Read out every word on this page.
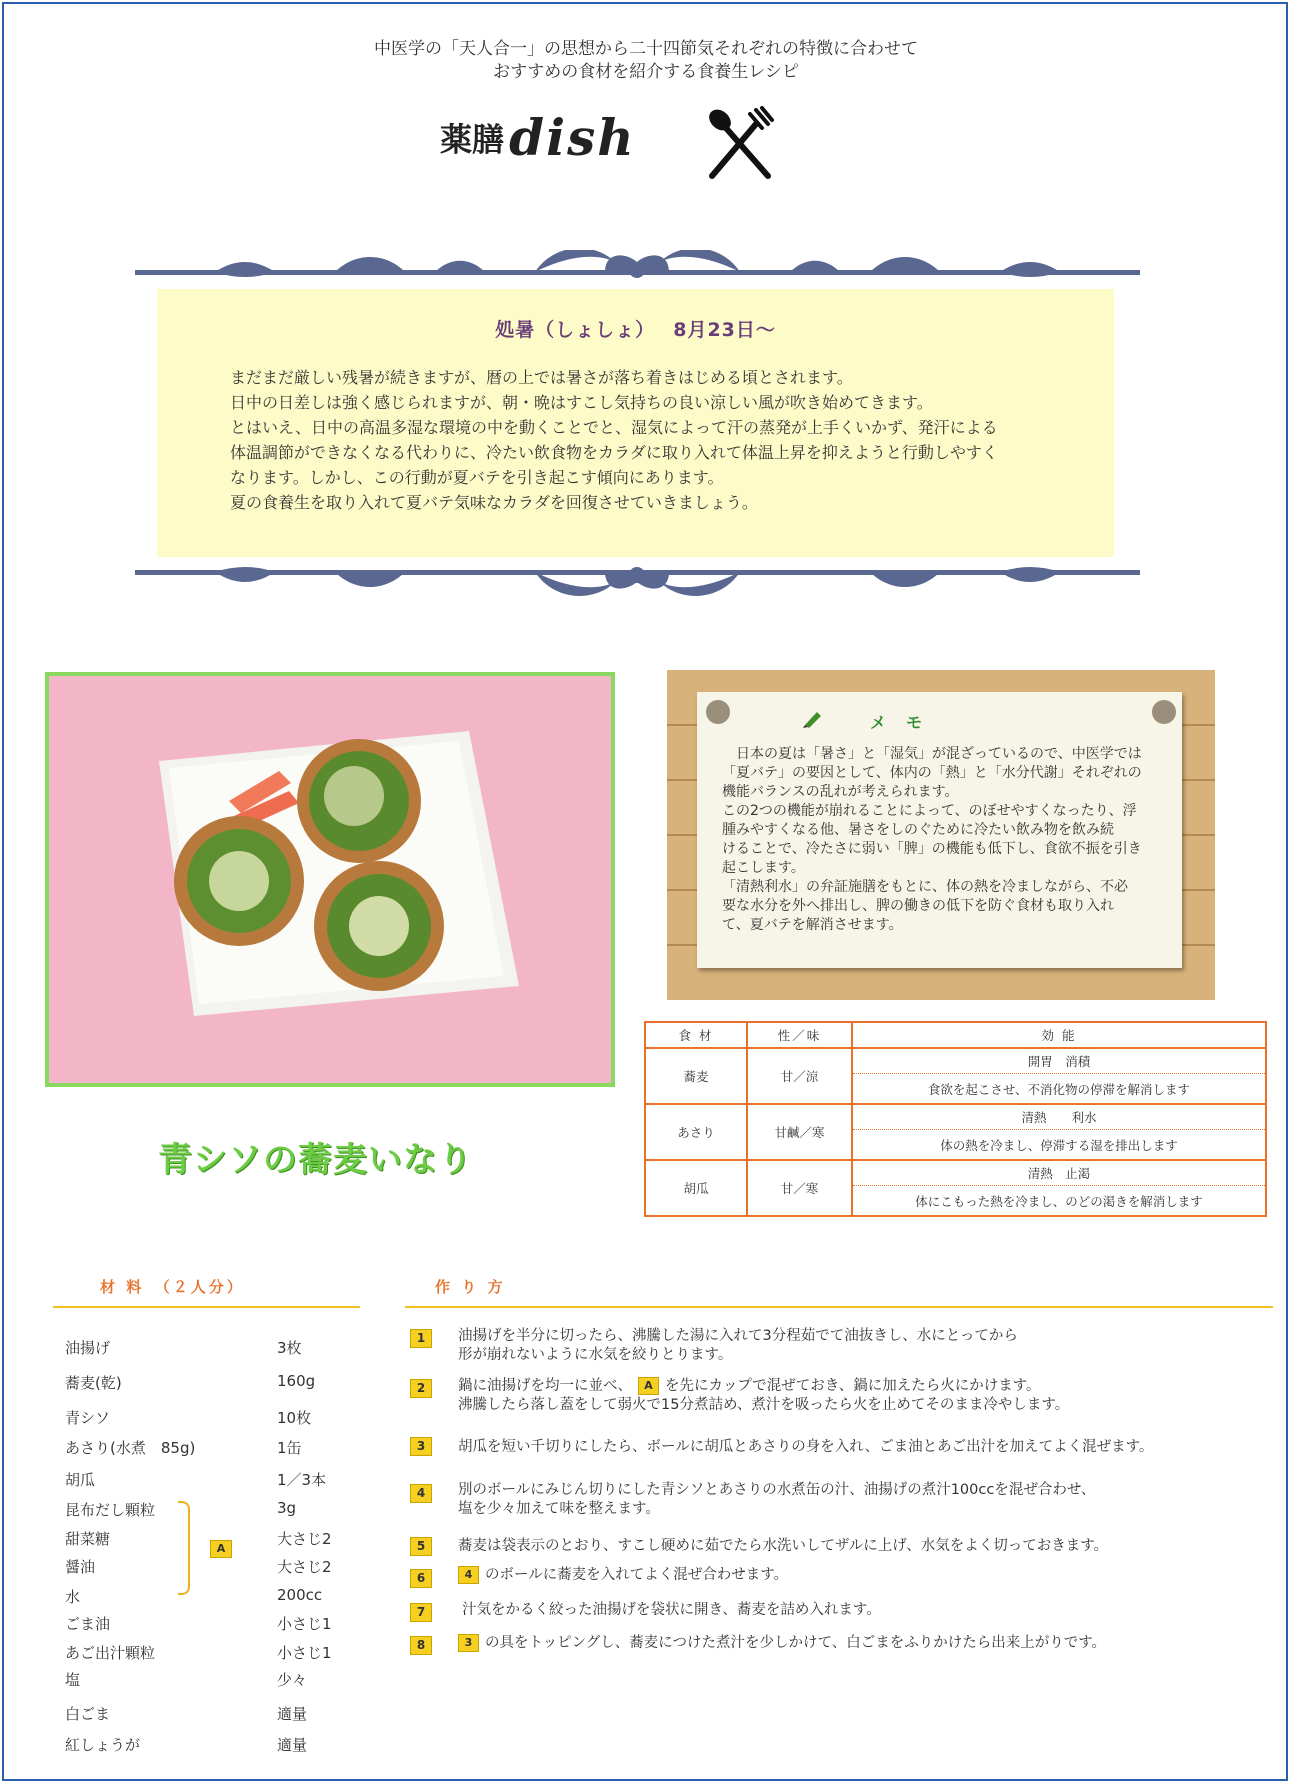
中医学の「天人合一」の思想から二十四節気それぞれの特徴に合わせて
おすすめの食材を紹介する食養生レシピ
薬膳 dish
処暑（しょしょ）　 8月23日～

まだまだ厳しい残暑が続きますが、暦の上では暑さが落ち着きはじめる頃とされます。

日中の日差しは強く感じられますが、朝・晩はすこし気持ちの良い涼しい風が吹き始めてきます。

とはいえ、日中の高温多湿な環境の中を動くことでと、湿気によって汗の蒸発が上手くいかず、発汗による

体温調節ができなくなる代わりに、冷たい飲食物をカラダに取り入れて体温上昇を抑えようと行動しやすく

なります。しかし、この行動が夏バテを引き起こす傾向にあります。

夏の食養生を取り入れて夏バテ気味なカラダを回復させていきましょう。

青シソの蕎麦いなり
メ　モ

　日本の夏は「暑さ」と「湿気」が混ざっているので、中医学では

「夏バテ」の要因として、体内の「熱」と「水分代謝」それぞれの

機能バランスの乱れが考えられます。

この2つの機能が崩れることによって、のぼせやすくなったり、浮

腫みやすくなる他、暑さをしのぐために冷たい飲み物を飲み続

けることで、冷たさに弱い「脾」の機能も低下し、食欲不振を引き

起こします。

「清熱利水」の弁証施膳をもとに、体の熱を冷ましながら、不必

要な水分を外へ排出し、脾の働きの低下を防ぐ食材も取り入れ

て、夏バテを解消させます。

食 材	性／味	効 能
蕎麦	甘／涼	開胃　消積
		食欲を起こさせ、不消化物の停滞を解消します
あさり	甘鹹／寒	清熱　　利水
		体の熱を冷まし、停滞する湿を排出します
胡瓜	甘／寒	清熱　止渇
		体にこもった熱を冷まし、のどの渇きを解消します
材 料　（２人分）
油揚げ	3枚
蕎麦(乾)	160g
青シソ	10枚
あさり(水煮　85g)	1缶
胡瓜	1／3本
昆布だし顆粒	3g
甜菜糖	大さじ2
醤油	大さじ2
水	200cc
ごま油	小さじ1
あご出汁顆粒	小さじ1
塩	少々
白ごま	適量
紅しょうが	適量
A
作 り 方
1	油揚げを半分に切ったら、沸騰した湯に入れて3分程茹でて油抜きし、水にとってから

形が崩れないように水気を絞りとります。

2	鍋に油揚げを均一に並べ、 A を先にカップで混ぜておき、鍋に加えたら火にかけます。

沸騰したら落し蓋をして弱火で15分煮詰め、煮汁を吸ったら火を止めてそのまま冷やします。

3	胡瓜を短い千切りにしたら、ボールに胡瓜とあさりの身を入れ、ごま油とあご出汁を加えてよく混ぜます。

4	別のボールにみじん切りにした青シソとあさりの水煮缶の汁、油揚げの煮汁100ccを混ぜ合わせ、

塩を少々加えて味を整えます。

5	蕎麦は袋表示のとおり、すこし硬めに茹でたら水洗いしてザルに上げ、水気をよく切っておきます。

6	4 のボールに蕎麦を入れてよく混ぜ合わせます。

7	汁気をかるく絞った油揚げを袋状に開き、蕎麦を詰め入れます。

8	3 の具をトッピングし、蕎麦につけた煮汁を少しかけて、白ごまをふりかけたら出来上がりです。
